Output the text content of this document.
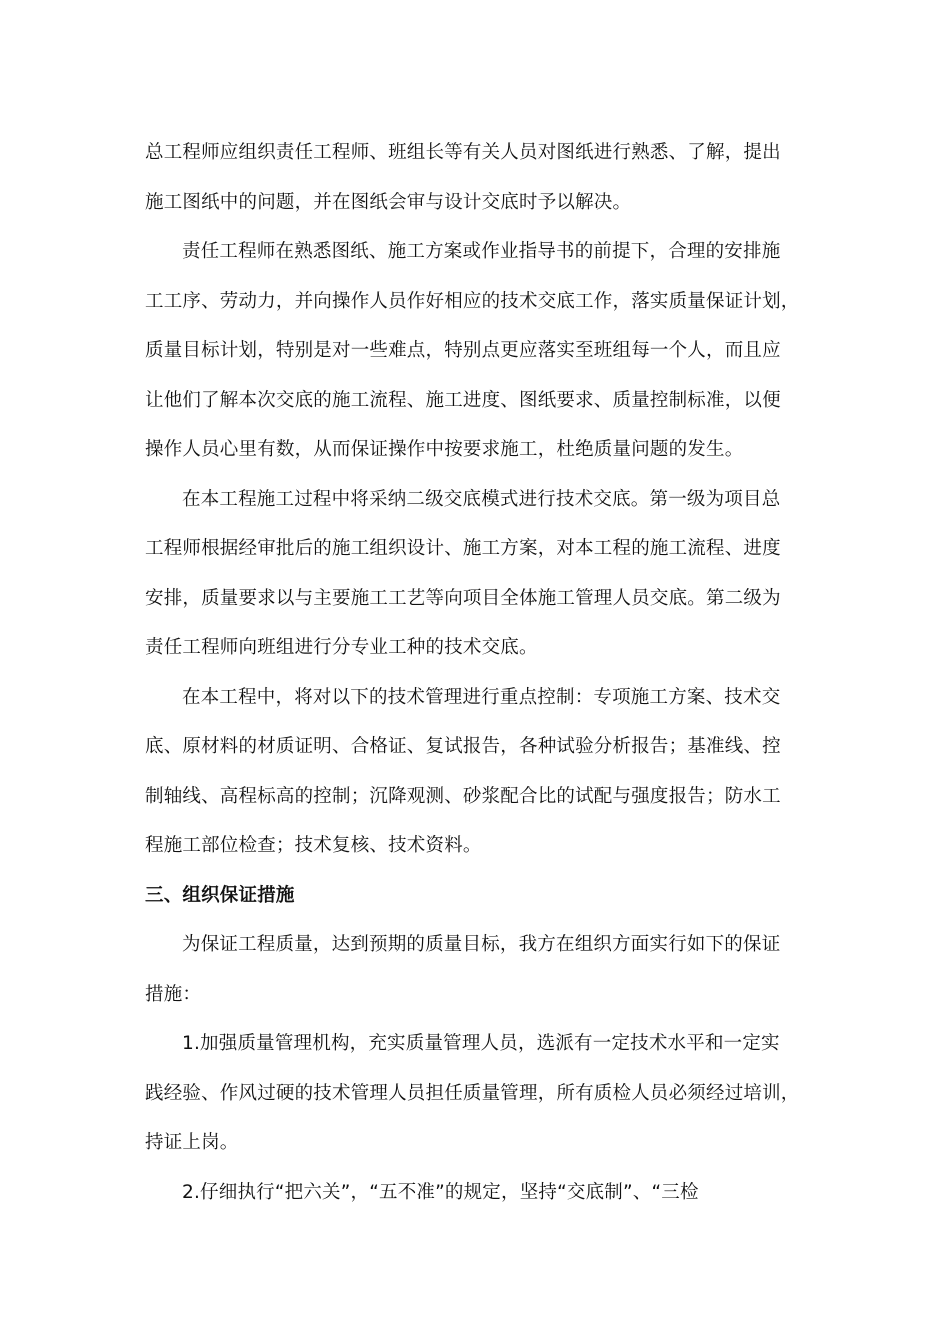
总工程师应组织责任工程师、班组长等有关人员对图纸进行熟悉、了解，提出
施工图纸中的问题，并在图纸会审与设计交底时予以解决。
责任工程师在熟悉图纸、施工方案或作业指导书的前提下，合理的安排施
工工序、劳动力，并向操作人员作好相应的技术交底工作，落实质量保证计划，
质量目标计划，特别是对一些难点，特别点更应落实至班组每一个人，而且应
让他们了解本次交底的施工流程、施工进度、图纸要求、质量控制标准，以便
操作人员心里有数，从而保证操作中按要求施工，杜绝质量问题的发生。
在本工程施工过程中将采纳二级交底模式进行技术交底。第一级为项目总
工程师根据经审批后的施工组织设计、施工方案，对本工程的施工流程、进度
安排，质量要求以与主要施工工艺等向项目全体施工管理人员交底。第二级为
责任工程师向班组进行分专业工种的技术交底。
在本工程中，将对以下的技术管理进行重点控制：专项施工方案、技术交
底、原材料的材质证明、合格证、复试报告，各种试验分析报告；基准线、控
制轴线、高程标高的控制；沉降观测、砂浆配合比的试配与强度报告；防水工
程施工部位检查；技术复核、技术资料。
三、组织保证措施
为保证工程质量，达到预期的质量目标，我方在组织方面实行如下的保证
措施：
1.加强质量管理机构，充实质量管理人员，选派有一定技术水平和一定实
践经验、作风过硬的技术管理人员担任质量管理，所有质检人员必须经过培训，
持证上岗。
2.仔细执行“把六关”，“五不准”的规定，坚持“交底制”、“三检
